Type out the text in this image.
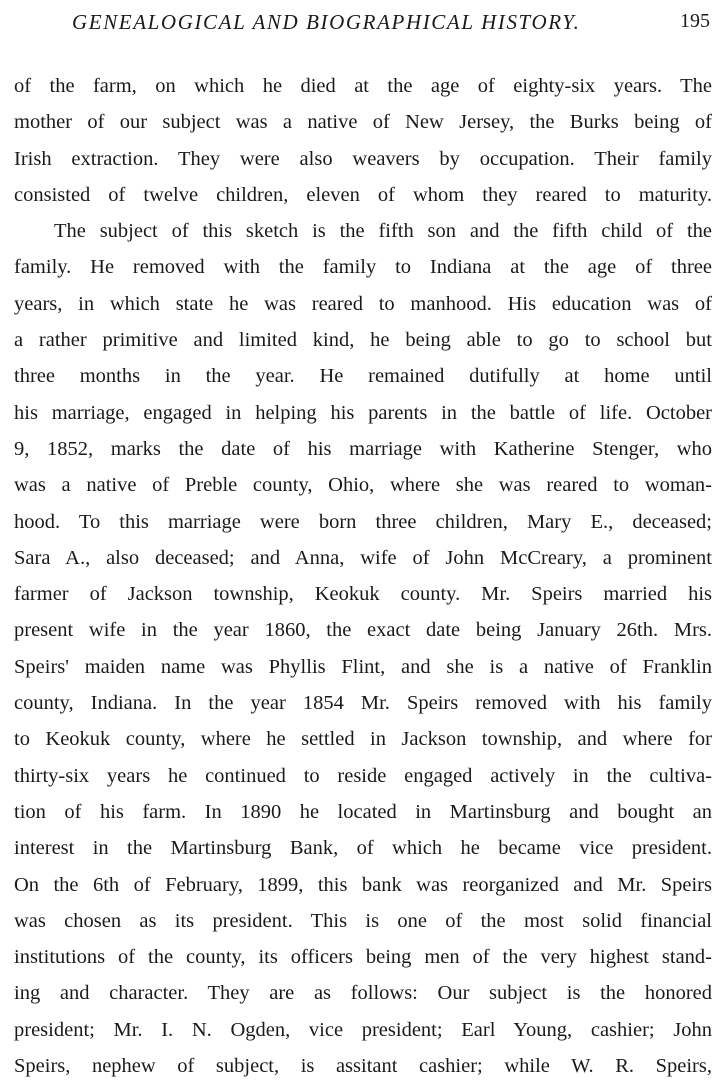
GENEALOGICAL AND BIOGRAPHICAL HISTORY.	195
of the farm, on which he died at the age of eighty-six years. The
mother of our subject was a native of New Jersey, the Burks being of
Irish extraction. They were also weavers by occupation. Their family
consisted of twelve children, eleven of whom they reared to maturity.
The subject of this sketch is the fifth son and the fifth child of the
family. He removed with the family to Indiana at the age of three
years, in which state he was reared to manhood. His education was of
a rather primitive and limited kind, he being able to go to school but
three months in the year. He remained dutifully at home until
his marriage, engaged in helping his parents in the battle of life. October
9, 1852, marks the date of his marriage with Katherine Stenger, who
was a native of Preble county, Ohio, where she was reared to woman-
hood. To this marriage were born three children, Mary E., deceased;
Sara A., also deceased; and Anna, wife of John McCreary, a prominent
farmer of Jackson township, Keokuk county. Mr. Speirs married his
present wife in the year 1860, the exact date being January 26th. Mrs.
Speirs' maiden name was Phyllis Flint, and she is a native of Franklin
county, Indiana. In the year 1854 Mr. Speirs removed with his family
to Keokuk county, where he settled in Jackson township, and where for
thirty-six years he continued to reside engaged actively in the cultiva-
tion of his farm. In 1890 he located in Martinsburg and bought an
interest in the Martinsburg Bank, of which he became vice president.
On the 6th of February, 1899, this bank was reorganized and Mr. Speirs
was chosen as its president. This is one of the most solid financial
institutions of the county, its officers being men of the very highest stand-
ing and character. They are as follows: Our subject is the honored
president; Mr. I. N. Ogden, vice president; Earl Young, cashier; John
Speirs, nephew of subject, is assitant cashier; while W. R. Speirs,
